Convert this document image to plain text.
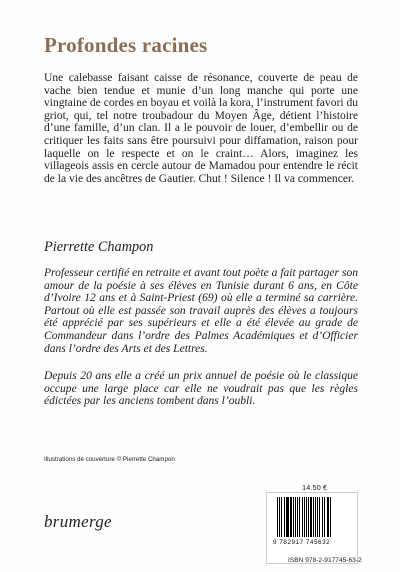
Profondes racines

Une calebasse faisant caisse de résonance, couverte de peau de vache bien tendue et munie d’un long manche qui porte une vingtaine de cordes en boyau et voilà la kora, l’instrument favori du griot, qui, tel notre troubadour du Moyen Âge, détient l’histoire d’une famille, d’un clan. Il a le pouvoir de louer, d’embellir ou de critiquer les faits sans être poursuivi pour diffamation, raison pour laquelle on le respecte et on le craint… Alors, imaginez les villageois assis en cercle autour de Mamadou pour entendre le récit de la vie des ancêtres de Gautier. Chut ! Silence ! Il va commencer.

Pierrette Champon

Professeur certifié en retraite et avant tout poète a fait partager son amour de la poésie à ses élèves en Tunisie durant 6 ans, en Côte d’Ivoire 12 ans et à Saint-Priest (69) où elle a terminé sa carrière. Partout où elle est passée son travail auprès des élèves a toujours été apprécié par ses supérieurs et elle a été élevée au grade de Commandeur dans l’ordre des Palmes Académiques et d’Officier dans l’ordre des Arts et des Lettres.

Depuis 20 ans elle a créé un prix annuel de poésie où le classique occupe une large place car elle ne voudrait pas que les règles édictées par les anciens tombent dans l’oubli.

Illustrations de couverture © Pierrette Champon
14.50 €
brumerge
9 782917 745632
ISBN 978-2-917745-63-2
